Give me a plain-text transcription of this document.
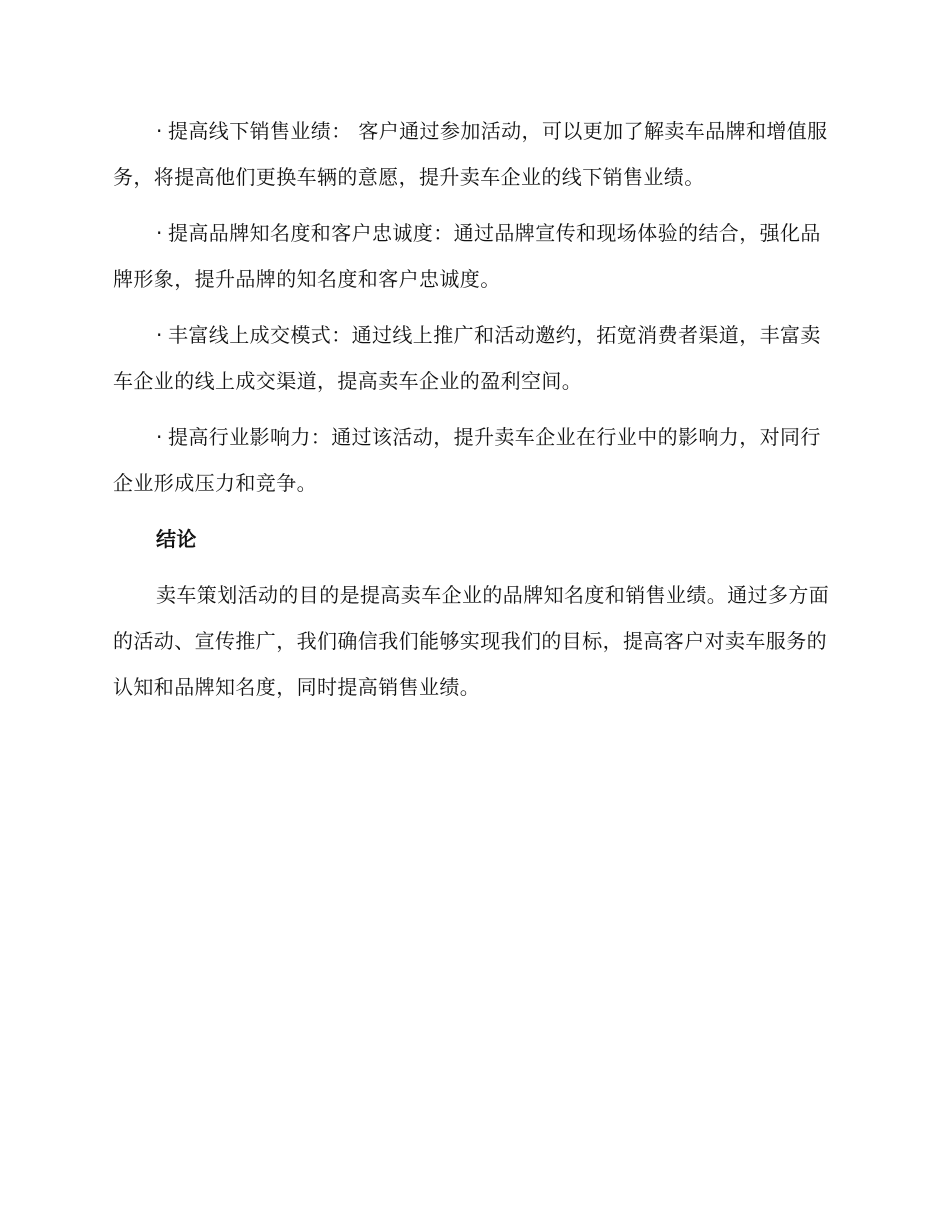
· 提高线下销售业绩： 客户通过参加活动，可以更加了解卖车品牌和增值服务，将提高他们更换车辆的意愿，提升卖车企业的线下销售业绩。

· 提高品牌知名度和客户忠诚度：通过品牌宣传和现场体验的结合，强化品牌形象，提升品牌的知名度和客户忠诚度。

· 丰富线上成交模式：通过线上推广和活动邀约，拓宽消费者渠道，丰富卖车企业的线上成交渠道，提高卖车企业的盈利空间。

· 提高行业影响力：通过该活动，提升卖车企业在行业中的影响力，对同行企业形成压力和竞争。

结论

卖车策划活动的目的是提高卖车企业的品牌知名度和销售业绩。通过多方面的活动、宣传推广，我们确信我们能够实现我们的目标，提高客户对卖车服务的认知和品牌知名度，同时提高销售业绩。
